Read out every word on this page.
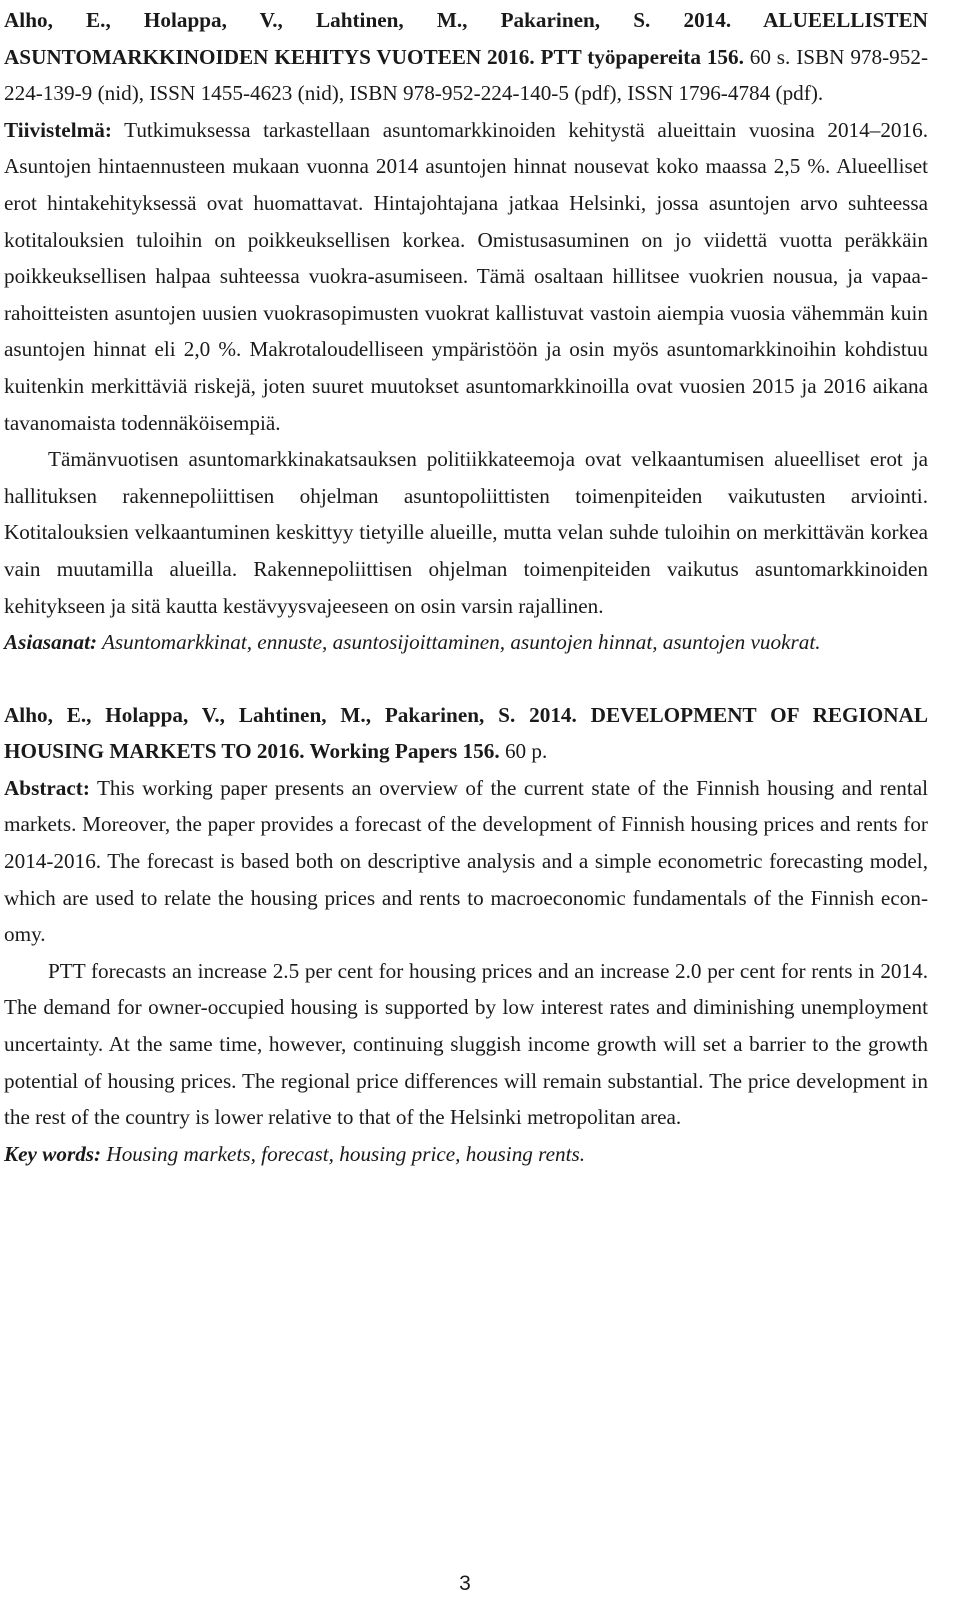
Alho, E., Holappa, V., Lahtinen, M., Pakarinen, S. 2014. ALUEELLISTEN ASUNTOMARKKINOIDEN KEHITYS VUOTEEN 2016. PTT työpapereita 156. 60 s. ISBN 978-952-224-139-9 (nid), ISSN 1455-4623 (nid), ISBN 978-952-224-140-5 (pdf), ISSN 1796-4784 (pdf).

Tiivistelmä: Tutkimuksessa tarkastellaan asuntomarkkinoiden kehitystä alueittain vuosina 2014–2016. Asuntojen hintaennusteen mukaan vuonna 2014 asuntojen hinnat nousevat koko maassa 2,5 %. Alueelliset erot hintakehityksessä ovat huomattavat. Hintajohtajana jatkaa Helsinki, jossa asuntojen arvo suhteessa kotitalouksien tuloihin on poikkeuksellisen korkea. Omistusasuminen on jo viidettä vuotta peräkkäin poikkeuksellisen halpaa suhteessa vuokra-asumiseen. Tämä osaltaan hillitsee vuokrien nousua, ja vapaarahoitteisten asuntojen uusien vuokrasopimusten vuokrat kallistuvat vastoin aiempia vuosia vähemmän kuin asuntojen hinnat eli 2,0 %. Makrotaloudelliseen ympäristöön ja osin myös asuntomarkkinoihin kohdistuu kuitenkin merkittäviä riskejä, joten suuret muutokset asuntomarkkinoilla ovat vuosien 2015 ja 2016 aikana tavanomaista todennäköisempiä.

Tämänvuotisen asuntomarkkinakatsauksen politiikkateemoja ovat velkaantumisen alueelliset erot ja hallituksen rakennepoliittisen ohjelman asuntopoliittisten toimenpiteiden vaikutusten arviointi. Kotitalouksien velkaantuminen keskittyy tietyille alueille, mutta velan suhde tuloihin on merkittävän korkea vain muutamilla alueilla. Rakennepoliittisen ohjelman toimenpiteiden vaikutus asuntomarkkinoiden kehitykseen ja sitä kautta kestävyysvajeeseen on osin varsin rajallinen.

Asiasanat: Asuntomarkkinat, ennuste, asuntosijoittaminen, asuntojen hinnat, asuntojen vuokrat.

Alho, E., Holappa, V., Lahtinen, M., Pakarinen, S. 2014. DEVELOPMENT OF REGIONAL HOUSING MARKETS TO 2016. Working Papers 156. 60 p.

Abstract: This working paper presents an overview of the current state of the Finnish housing and rental markets. Moreover, the paper provides a forecast of the development of Finnish housing prices and rents for 2014-2016. The forecast is based both on descriptive analysis and a simple econometric forecasting model, which are used to relate the housing prices and rents to macroeconomic fundamentals of the Finnish economy.

PTT forecasts an increase 2.5 per cent for housing prices and an increase 2.0 per cent for rents in 2014. The demand for owner-occupied housing is supported by low interest rates and diminishing unemployment uncertainty. At the same time, however, continuing sluggish income growth will set a barrier to the growth potential of housing prices. The regional price differences will remain substantial. The price development in the rest of the country is lower relative to that of the Helsinki metropolitan area.

Key words: Housing markets, forecast, housing price, housing rents.

3
